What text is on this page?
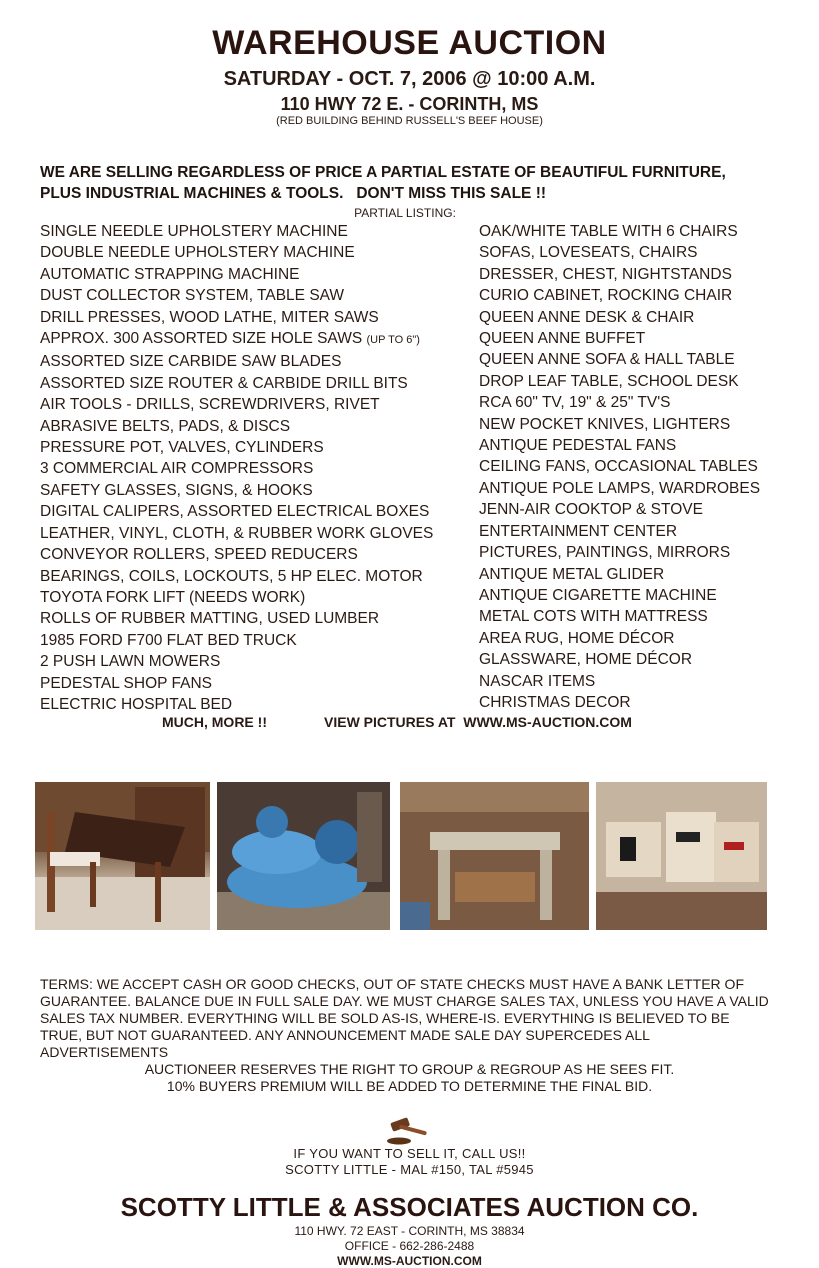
WAREHOUSE AUCTION
SATURDAY - OCT. 7, 2006 @ 10:00 A.M.
110 HWY 72 E. - CORINTH, MS
(RED BUILDING BEHIND RUSSELL'S BEEF HOUSE)
WE ARE SELLING REGARDLESS OF PRICE A PARTIAL ESTATE OF BEAUTIFUL FURNITURE,
PLUS INDUSTRIAL MACHINES & TOOLS.   DON'T MISS THIS SALE !!
PARTIAL LISTING:
SINGLE NEEDLE UPHOLSTERY MACHINE
DOUBLE NEEDLE UPHOLSTERY MACHINE
AUTOMATIC STRAPPING MACHINE
DUST COLLECTOR SYSTEM, TABLE SAW
DRILL PRESSES, WOOD LATHE, MITER SAWS
APPROX. 300 ASSORTED SIZE HOLE SAWS (UP TO 6")
ASSORTED SIZE CARBIDE SAW BLADES
ASSORTED SIZE ROUTER & CARBIDE DRILL BITS
AIR TOOLS - DRILLS, SCREWDRIVERS, RIVET
ABRASIVE BELTS, PADS, & DISCS
PRESSURE POT, VALVES, CYLINDERS
3 COMMERCIAL AIR COMPRESSORS
SAFETY GLASSES, SIGNS, & HOOKS
DIGITAL CALIPERS, ASSORTED ELECTRICAL BOXES
LEATHER, VINYL, CLOTH, & RUBBER WORK GLOVES
CONVEYOR ROLLERS, SPEED REDUCERS
BEARINGS, COILS, LOCKOUTS, 5 HP ELEC. MOTOR
TOYOTA FORK LIFT (NEEDS WORK)
ROLLS OF RUBBER MATTING, USED LUMBER
1985 FORD F700 FLAT BED TRUCK
2 PUSH LAWN MOWERS
PEDESTAL SHOP FANS
ELECTRIC HOSPITAL BED
OAK/WHITE TABLE WITH 6 CHAIRS
SOFAS, LOVESEATS, CHAIRS
DRESSER, CHEST, NIGHTSTANDS
CURIO CABINET, ROCKING CHAIR
QUEEN ANNE DESK & CHAIR
QUEEN ANNE BUFFET
QUEEN ANNE SOFA & HALL TABLE
DROP LEAF TABLE, SCHOOL DESK
RCA 60" TV, 19" & 25" TV'S
NEW POCKET KNIVES, LIGHTERS
ANTIQUE PEDESTAL FANS
CEILING FANS, OCCASIONAL TABLES
ANTIQUE POLE LAMPS, WARDROBES
JENN-AIR COOKTOP & STOVE
ENTERTAINMENT CENTER
PICTURES, PAINTINGS, MIRRORS
ANTIQUE METAL GLIDER
ANTIQUE CIGARETTE MACHINE
METAL COTS WITH MATTRESS
AREA RUG, HOME DÉCOR
GLASSWARE, HOME DÉCOR
NASCAR ITEMS
CHRISTMAS DECOR
MUCH, MORE !!	VIEW PICTURES AT  WWW.MS-AUCTION.COM
TERMS: WE ACCEPT CASH OR GOOD CHECKS, OUT OF STATE CHECKS MUST HAVE A BANK LETTER OF GUARANTEE. BALANCE DUE IN FULL SALE DAY. WE MUST CHARGE SALES TAX, UNLESS YOU HAVE A VALID SALES TAX NUMBER. EVERYTHING WILL BE SOLD AS-IS, WHERE-IS. EVERYTHING IS BELIEVED TO BE TRUE, BUT NOT GUARANTEED. ANY ANNOUNCEMENT MADE SALE DAY SUPERCEDES ALL ADVERTISEMENTS
AUCTIONEER RESERVES THE RIGHT TO GROUP & REGROUP AS HE SEES FIT.
10% BUYERS PREMIUM WILL BE ADDED TO DETERMINE THE FINAL BID.
IF YOU WANT TO SELL IT, CALL US!!
SCOTTY LITTLE - MAL #150, TAL #5945
SCOTTY LITTLE & ASSOCIATES AUCTION CO.
110 HWY. 72 EAST - CORINTH, MS 38834
OFFICE - 662-286-2488
WWW.MS-AUCTION.COM
